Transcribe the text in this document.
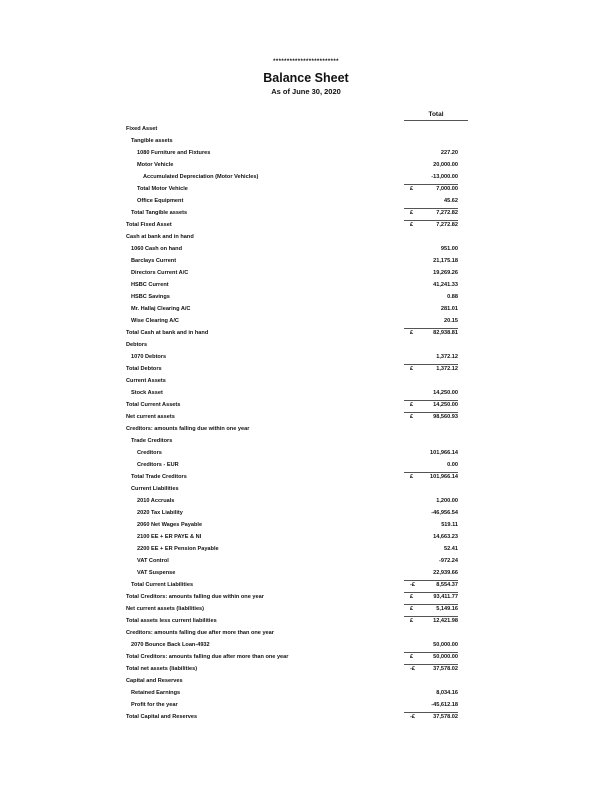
************************
Balance Sheet
As of June 30, 2020
Total
Fixed Asset
Tangible assets
1080 Furniture and Fixtures	227.20
Motor Vehicle	20,000.00
Accumulated Depreciation (Motor Vehicles)	-13,000.00
Total Motor Vehicle	£	7,000.00
Office Equipment	45.62
Total Tangible assets	£	7,272.82
Total Fixed Asset	£	7,272.82
Cash at bank and in hand
1060 Cash on hand	951.00
Barclays Current	21,175.18
Directors Current A/C	19,269.26
HSBC Current	41,241.33
HSBC Savings	0.88
Mr. Hallaj Clearing A/C	281.01
Wise Clearing A/C	20.15
Total Cash at bank and in hand	£	82,938.81
Debtors
1070 Debtors	1,372.12
Total Debtors	£	1,372.12
Current Assets
Stock Asset	14,250.00
Total Current Assets	£	14,250.00
Net current assets	£	98,560.93
Creditors: amounts falling due within one year
Trade Creditors
Creditors	101,966.14
Creditors - EUR	0.00
Total Trade Creditors	£	101,966.14
Current Liabilities
2010 Accruals	1,200.00
2020 Tax Liability	-46,956.54
2060 Net Wages Payable	519.11
2100 EE + ER PAYE & NI	14,663.23
2200 EE + ER Pension Payable	52.41
VAT Control	-972.24
VAT Suspense	22,939.66
Total Current Liabilities	-£	8,554.37
Total Creditors: amounts falling due within one year	£	93,411.77
Net current assets (liabilities)	£	5,149.16
Total assets less current liabilities	£	12,421.98
Creditors: amounts falling due after more than one year
2070 Bounce Back Loan-4932	50,000.00
Total Creditors: amounts falling due after more than one year	£	50,000.00
Total net assets (liabilities)	-£	37,578.02
Capital and Reserves
Retained Earnings	8,034.16
Profit for the year	-45,612.18
Total Capital and Reserves	-£	37,578.02
